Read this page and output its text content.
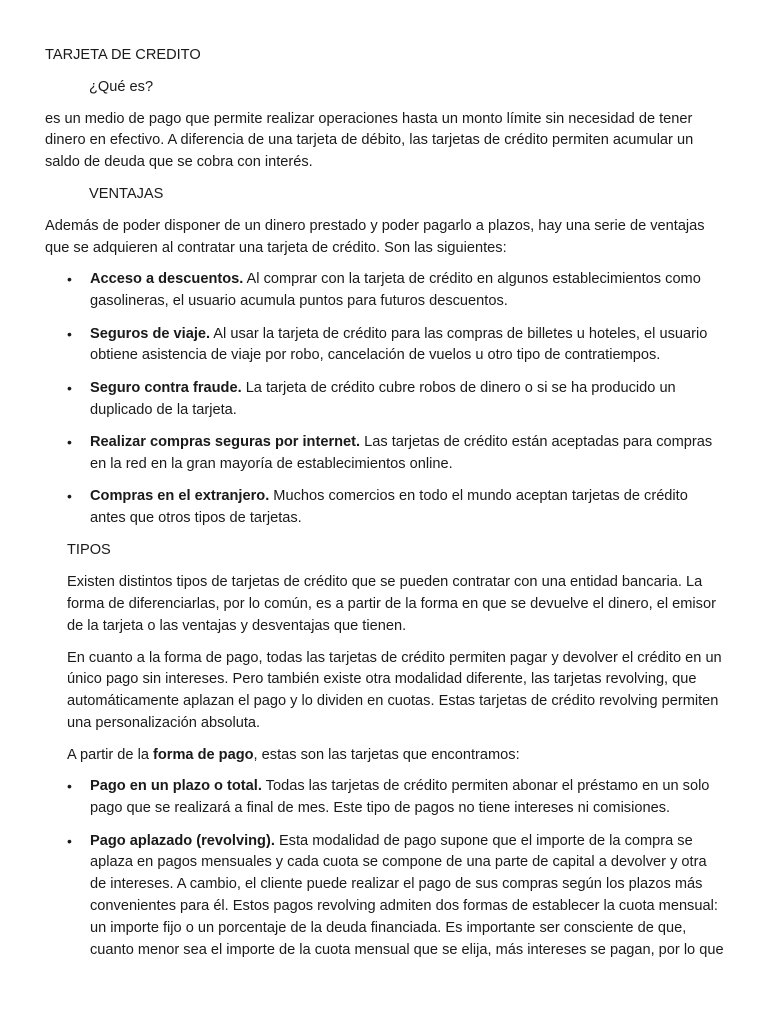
TARJETA DE CREDITO

¿Qué es?

es un medio de pago que permite realizar operaciones hasta un monto límite sin necesidad de tener dinero en efectivo. A diferencia de una tarjeta de débito, las tarjetas de crédito permiten acumular un saldo de deuda que se cobra con interés.

VENTAJAS

Además de poder disponer de un dinero prestado y poder pagarlo a plazos, hay una serie de ventajas que se adquieren al contratar una tarjeta de crédito. Son las siguientes:

• Acceso a descuentos. Al comprar con la tarjeta de crédito en algunos establecimientos como gasolineras, el usuario acumula puntos para futuros descuentos.
• Seguros de viaje. Al usar la tarjeta de crédito para las compras de billetes u hoteles, el usuario obtiene asistencia de viaje por robo, cancelación de vuelos u otro tipo de contratiempos.
• Seguro contra fraude. La tarjeta de crédito cubre robos de dinero o si se ha producido un duplicado de la tarjeta.
• Realizar compras seguras por internet. Las tarjetas de crédito están aceptadas para compras en la red en la gran mayoría de establecimientos online.
• Compras en el extranjero. Muchos comercios en todo el mundo aceptan tarjetas de crédito antes que otros tipos de tarjetas.

TIPOS

Existen distintos tipos de tarjetas de crédito que se pueden contratar con una entidad bancaria. La forma de diferenciarlas, por lo común, es a partir de la forma en que se devuelve el dinero, el emisor de la tarjeta o las ventajas y desventajas que tienen.

En cuanto a la forma de pago, todas las tarjetas de crédito permiten pagar y devolver el crédito en un único pago sin intereses. Pero también existe otra modalidad diferente, las tarjetas revolving, que automáticamente aplazan el pago y lo dividen en cuotas. Estas tarjetas de crédito revolving permiten una personalización absoluta.

A partir de la forma de pago, estas son las tarjetas que encontramos:

• Pago en un plazo o total. Todas las tarjetas de crédito permiten abonar el préstamo en un solo pago que se realizará a final de mes. Este tipo de pagos no tiene intereses ni comisiones.
• Pago aplazado (revolving). Esta modalidad de pago supone que el importe de la compra se aplaza en pagos mensuales y cada cuota se compone de una parte de capital a devolver y otra de intereses. A cambio, el cliente puede realizar el pago de sus compras según los plazos más convenientes para él. Estos pagos revolving admiten dos formas de establecer la cuota mensual: un importe fijo o un porcentaje de la deuda financiada. Es importante ser consciente de que, cuanto menor sea el importe de la cuota mensual que se elija, más intereses se pagan, por lo que
